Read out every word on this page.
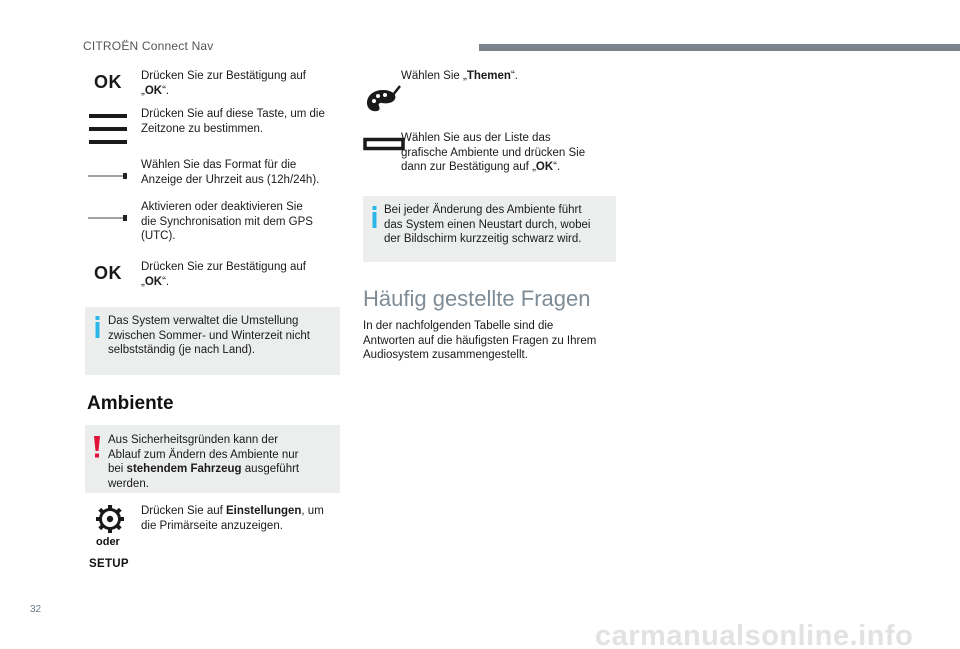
CITROËN Connect Nav
OK Drücken Sie zur Bestätigung auf
„OK“.
Drücken Sie auf diese Taste, um die
Zeitzone zu bestimmen.
Wählen Sie das Format für die
Anzeige der Uhrzeit aus (12h/24h).
Aktivieren oder deaktivieren Sie
die Synchronisation mit dem GPS
(UTC).
OK Drücken Sie zur Bestätigung auf
„OK“.
Das System verwaltet die Umstellung
zwischen Sommer- und Winterzeit nicht
selbstständig (je nach Land).
Ambiente
Aus Sicherheitsgründen kann der
Ablauf zum Ändern des Ambiente nur
bei stehendem Fahrzeug ausgeführt
werden.
oder
SETUP
Drücken Sie auf Einstellungen, um
die Primärseite anzuzeigen.
Wählen Sie „Themen“.
Wählen Sie aus der Liste das
grafische Ambiente und drücken Sie
dann zur Bestätigung auf „OK“.
Bei jeder Änderung des Ambiente führt
das System einen Neustart durch, wobei
der Bildschirm kurzzeitig schwarz wird.
Häufig gestellte Fragen
In der nachfolgenden Tabelle sind die
Antworten auf die häufigsten Fragen zu Ihrem
Audiosystem zusammengestellt.
32
carmanualsonline.info
